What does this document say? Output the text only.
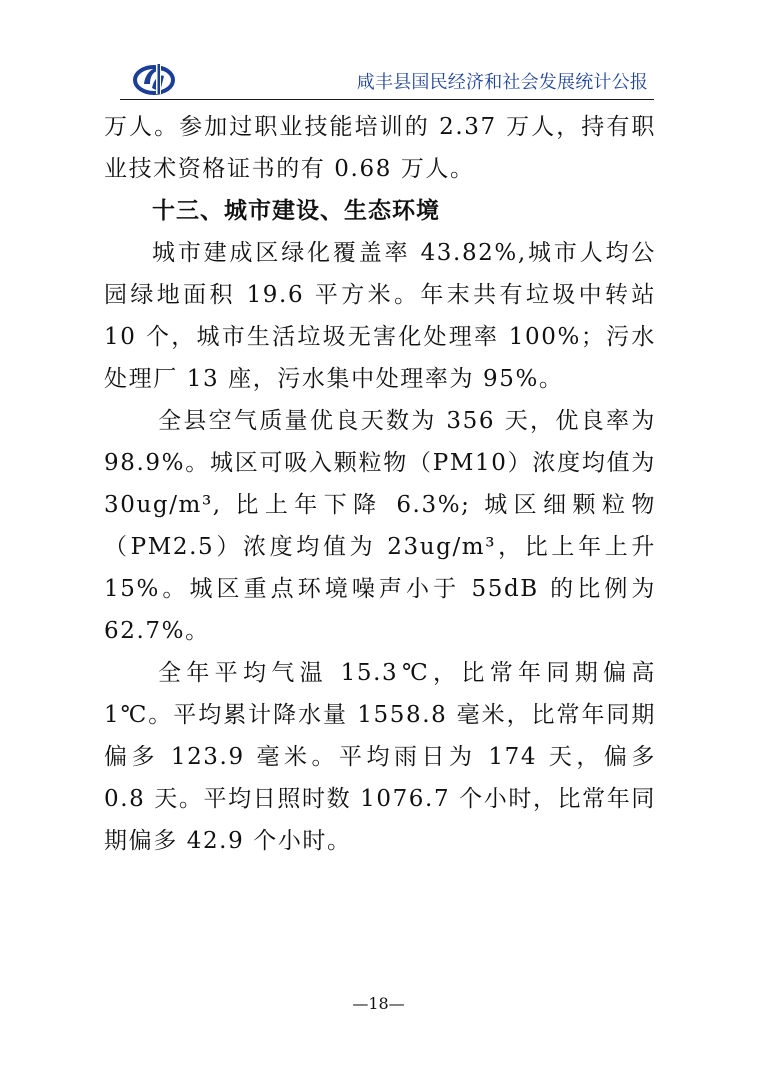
咸丰县国民经济和社会发展统计公报

万人。参加过职业技能培训的 2.37 万人，持有职业技术资格证书的有 0.68 万人。

十三、城市建设、生态环境

城市建成区绿化覆盖率 43.82%,城市人均公园绿地面积 19.6 平方米。年末共有垃圾中转站 10 个，城市生活垃圾无害化处理率 100%；污水处理厂 13 座，污水集中处理率为 95%。

全县空气质量优良天数为 356 天，优良率为 98.9%。城区可吸入颗粒物（PM10）浓度均值为 30ug/m³, 比上年下降 6.3%; 城区细颗粒物（PM2.5）浓度均值为 23ug/m³，比上年上升 15%。城区重点环境噪声小于 55dB 的比例为 62.7%。

全年平均气温 15.3℃，比常年同期偏高 1℃。平均累计降水量 1558.8 毫米，比常年同期偏多 123.9 毫米。平均雨日为 174 天，偏多 0.8 天。平均日照时数 1076.7 个小时，比常年同期偏多 42.9 个小时。

—18—
